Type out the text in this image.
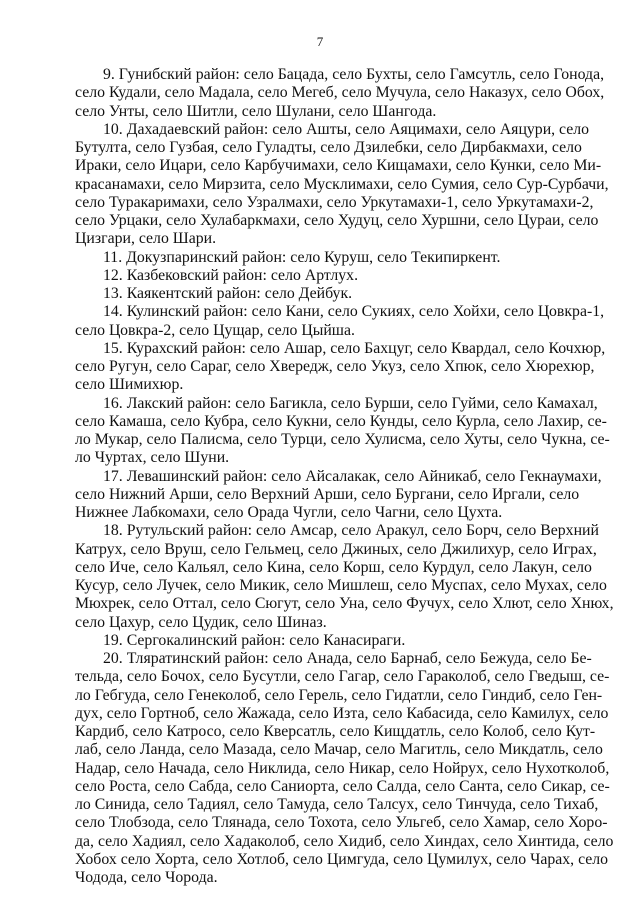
7
9. Гунибский район: село Бацада, село Бухты, село Гамсутль, село Гонода,
село Кудали, село Мадала, село Мегеб, село Мучула, село Наказух, село Обох,
село Унты, село Шитли, село Шулани, село Шангода.
10. Дахадаевский район: село Ашты, село Аяцимахи, село Аяцури, село
Бутулта, село Гузбая, село Гуладты, село Дзилебки, село Дирбакмахи, село
Ираки, село Ицари, село Карбучимахи, село Кищамахи, село Кунки, село Ми-
красанамахи, село Мирзита, село Мусклимахи, село Сумия, село Сур-Сурбачи,
село Туракаримахи, село Узралмахи, село Уркутамахи-1, село Уркутамахи-2,
село Урцаки, село Хулабаркмахи, село Худуц, село Хуршни, село Цураи, село
Цизгари, село Шари.
11. Докузпаринский район: село Куруш, село Текипиркент.
12. Казбековский район: село Артлух.
13. Каякентский район: село Дейбук.
14. Кулинский район: село Кани, село Сукиях, село Хойхи, село Цовкра-1,
село Цовкра-2, село Цущар, село Цыйша.
15. Курахский район: село Ашар, село Бахцуг, село Квардал, село Кочхюр,
село Ругун, село Сараг, село Хвередж, село Укуз, село Хпюк, село Хюрехюр,
село Шимихюр.
16. Лакский район: село Багикла, село Бурши, село Гуйми, село Камахал,
село Камаша, село Кубра, село Кукни, село Кунды, село Курла, село Лахир, се-
ло Мукар, село Палисма, село Турци, село Хулисма, село Хуты, село Чукна, се-
ло Чуртах, село Шуни.
17. Левашинский район: село Айсалакак, село Айникаб, село Гекнаумахи,
село Нижний Арши, село Верхний Арши, село Бургани, село Иргали, село
Нижнее Лабкомахи, село Орада Чугли, село Чагни, село Цухта.
18. Рутульский район: село Амсар, село Аракул, село Борч, село Верхний
Катрух, село Вруш, село Гельмец, село Джиных, село Джилихур, село Играх,
село Иче, село Кальял, село Кина, село Корш, село Курдул, село Лакун, село
Кусур, село Лучек, село Микик, село Мишлеш, село Муспах, село Мухах, село
Мюхрек, село Оттал, село Сюгут, село Уна, село Фучух, село Хлют, село Хнюх,
село Цахур, село Цудик, село Шиназ.
19. Сергокалинский район: село Канасираги.
20. Тляратинский район: село Анада, село Барнаб, село Бежуда, село Бе-
тельда, село Бочох, село Бусутли, село Гагар, село Гараколоб, село Гведыш, се-
ло Гебгуда, село Генеколоб, село Герель, село Гидатли, село Гиндиб, село Ген-
дух, село Гортноб, село Жажада, село Изта, село Кабасида, село Камилух, село
Кардиб, село Катросо, село Кверсатль, село Кищдатль, село Колоб, село Кут-
лаб, село Ланда, село Мазада, село Мачар, село Магитль, село Микдатль, село
Надар, село Начада, село Никлида, село Никар, село Нойрух, село Нухотколоб,
село Роста, село Сабда, село Саниорта, село Салда, село Санта, село Сикар, се-
ло Синида, село Тадиял, село Тамуда, село Талсух, село Тинчуда, село Тихаб,
село Тлобзода, село Тлянада, село Тохота, село Ульгеб, село Хамар, село Хоро-
да, село Хадиял, село Хадаколоб, село Хидиб, село Хиндах, село Хинтида, село
Хобох село Хорта, село Хотлоб, село Цимгуда, село Цумилух, село Чарах, село
Чодода, село Чорода.
